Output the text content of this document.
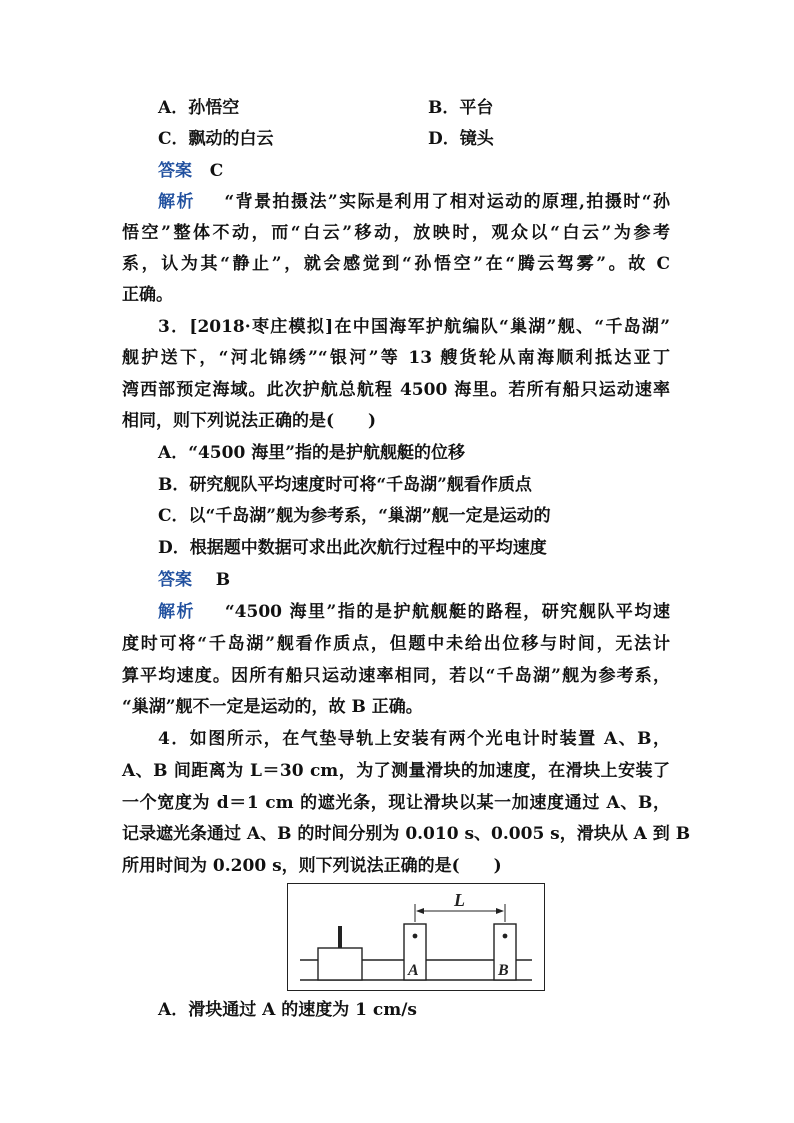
A．孙悟空	B．平台
C．飘动的白云	D．镜头
答案 C
解析 “背景拍摄法”实际是利用了相对运动的原理,拍摄时“孙
悟空”整体不动，而“白云”移动，放映时，观众以“白云”为参考
系，认为其“静止”，就会感觉到“孙悟空”在“腾云驾雾”。故 C
正确。
3．[2018·枣庄模拟]在中国海军护航编队“巢湖”舰、“千岛湖”
舰护送下，“河北锦绣”“银河”等 13 艘货轮从南海顺利抵达亚丁
湾西部预定海域。此次护航总航程 4500 海里。若所有船只运动速率
相同，则下列说法正确的是(　　)
A．“4500 海里”指的是护航舰艇的位移
B．研究舰队平均速度时可将“千岛湖”舰看作质点
C．以“千岛湖”舰为参考系，“巢湖”舰一定是运动的
D．根据题中数据可求出此次航行过程中的平均速度
答案 B
解析 “4500 海里”指的是护航舰艇的路程，研究舰队平均速
度时可将“千岛湖”舰看作质点，但题中未给出位移与时间，无法计
算平均速度。因所有船只运动速率相同，若以“千岛湖”舰为参考系，
“巢湖”舰不一定是运动的，故 B 正确。
4．如图所示，在气垫导轨上安装有两个光电计时装置 A、B，
A、B 间距离为 L＝30 cm，为了测量滑块的加速度，在滑块上安装了
一个宽度为 d＝1 cm 的遮光条，现让滑块以某一加速度通过 A、B，
记录遮光条通过 A、B 的时间分别为 0.010 s、0.005 s，滑块从 A 到 B
所用时间为 0.200 s，则下列说法正确的是(　　)
L
A	B
A．滑块通过 A 的速度为 1 cm/s
